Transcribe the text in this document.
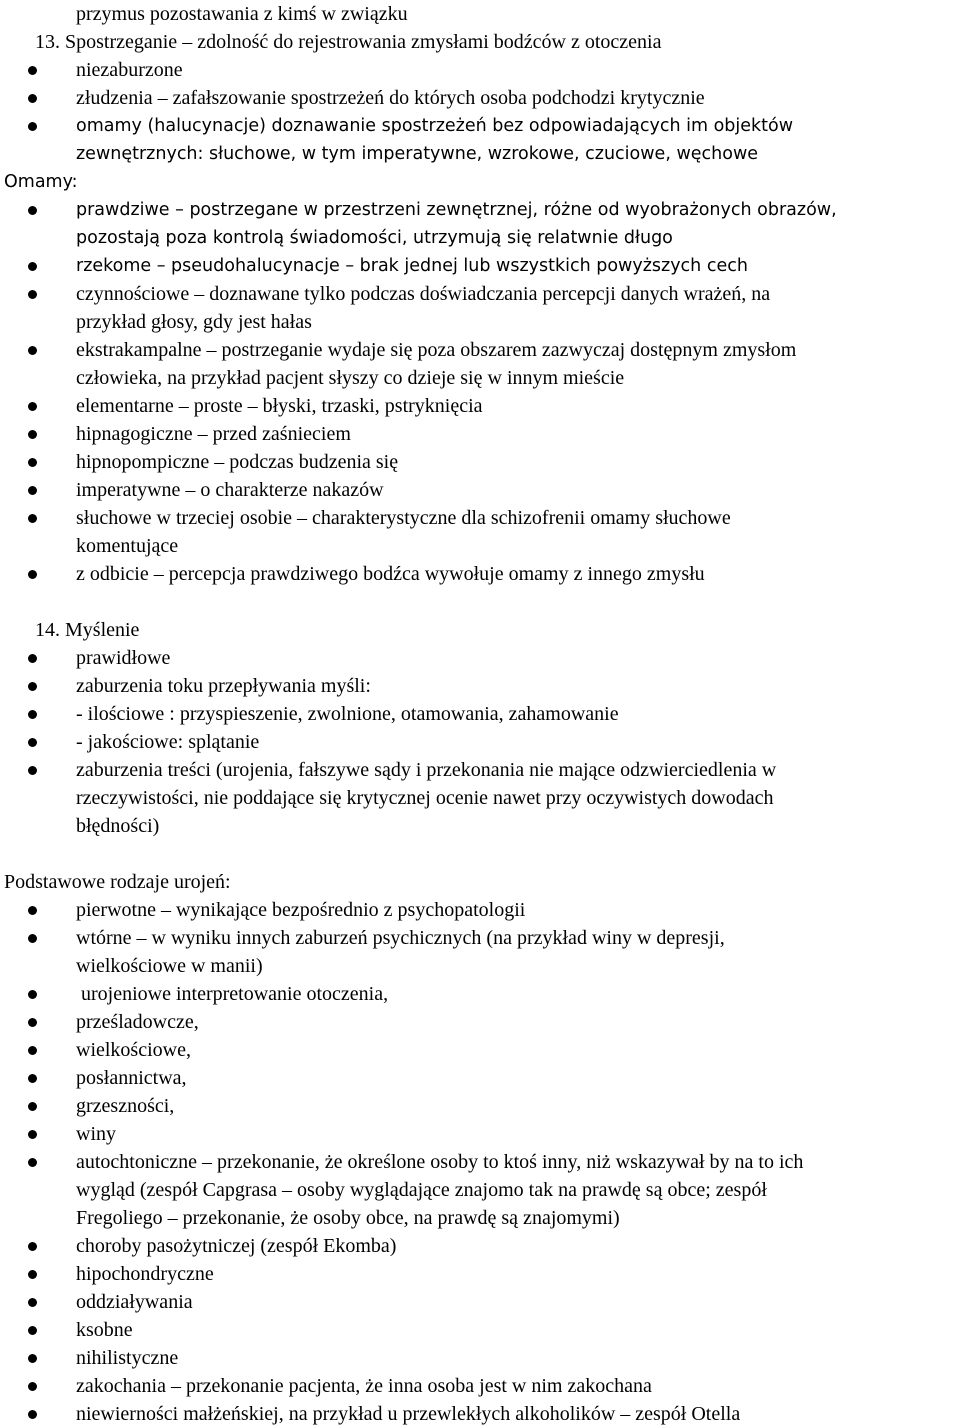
przymus pozostawania z kimś w związku
13. Spostrzeganie – zdolność do rejestrowania zmysłami bodźców z otoczenia
niezaburzone
złudzenia – zafałszowanie spostrzeżeń do których osoba podchodzi krytycznie
omamy (halucynacje) doznawanie spostrzeżeń bez odpowiadających im objektów
zewnętrznych: słuchowe, w tym imperatywne, wzrokowe, czuciowe, węchowe
Omamy:
prawdziwe – postrzegane w przestrzeni zewnętrznej, różne od wyobrażonych obrazów,
pozostają poza kontrolą świadomości, utrzymują się relatwnie długo
rzekome – pseudohalucynacje – brak jednej lub wszystkich powyższych cech
czynnościowe – doznawane tylko podczas doświadczania percepcji danych wrażeń, na
przykład głosy, gdy jest hałas
ekstrakampalne – postrzeganie wydaje się poza obszarem zazwyczaj dostępnym zmysłom
człowieka, na przykład pacjent słyszy co dzieje się w innym mieście
elementarne – proste – błyski, trzaski, pstryknięcia
hipnagogiczne – przed zaśnieciem
hipnopompiczne – podczas budzenia się
imperatywne – o charakterze nakazów
słuchowe w trzeciej osobie – charakterystyczne dla schizofrenii omamy słuchowe
komentujące
z odbicie – percepcja prawdziwego bodźca wywołuje omamy z innego zmysłu
14. Myślenie
prawidłowe
zaburzenia toku przepływania myśli:
- ilościowe : przyspieszenie, zwolnione, otamowania, zahamowanie
- jakościowe: splątanie
zaburzenia treści (urojenia, fałszywe sądy i przekonania nie mające odzwierciedlenia w
rzeczywistości, nie poddające się krytycznej ocenie nawet przy oczywistych dowodach
błędności)
Podstawowe rodzaje urojeń:
pierwotne – wynikające bezpośrednio z psychopatologii
wtórne – w wyniku innych zaburzeń psychicznych (na przykład winy w depresji,
wielkościowe w manii)
urojeniowe interpretowanie otoczenia,
prześladowcze,
wielkościowe,
posłannictwa,
grzeszności,
winy
autochtoniczne – przekonanie, że określone osoby to ktoś inny, niż wskazywał by na to ich
wygląd (zespół Capgrasa – osoby wyglądające znajomo tak na prawdę są obce; zespół
Fregoliego – przekonanie, że osoby obce, na prawdę są znajomymi)
choroby pasożytniczej (zespół Ekomba)
hipochondryczne
oddziaływania
ksobne
nihilistyczne
zakochania – przekonanie pacjenta, że inna osoba jest w nim zakochana
niewierności małżeńskiej, na przykład u przewlekłych alkoholików – zespół Otella
